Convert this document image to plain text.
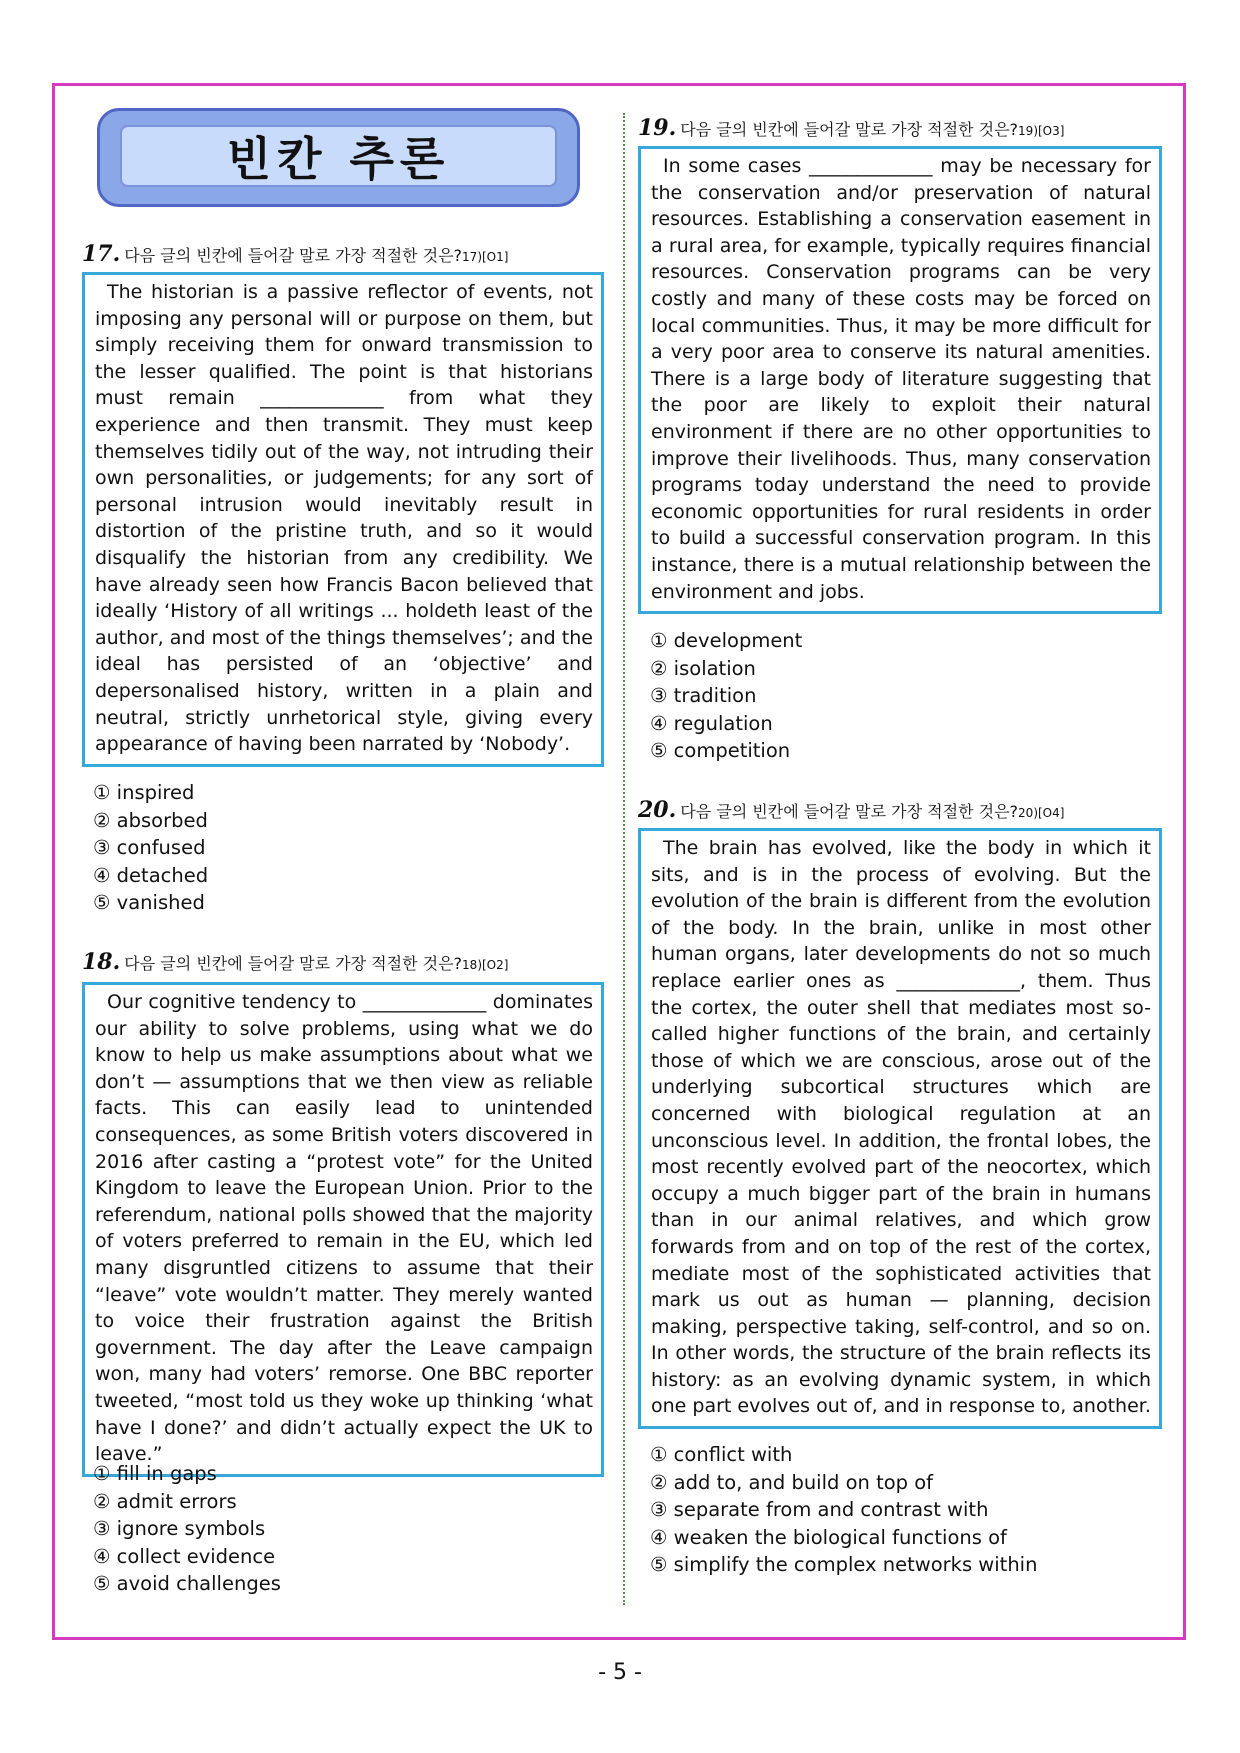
빈칸 추론
17. 다음 글의 빈칸에 들어갈 말로 가장 적절한 것은?17)[O1]
The historian is a passive reflector of events, not imposing any personal will or purpose on them, but simply receiving them for onward transmission to the lesser qualified. The point is that historians must remain _____________ from what they experience and then transmit. They must keep themselves tidily out of the way, not intruding their own personalities, or judgements; for any sort of personal intrusion would inevitably result in distortion of the pristine truth, and so it would disqualify the historian from any credibility. We have already seen how Francis Bacon believed that ideally ‘History of all writings ... holdeth least of the author, and most of the things themselves’; and the ideal has persisted of an ‘objective’ and depersonalised history, written in a plain and neutral, strictly unrhetorical style, giving every appearance of having been narrated by ‘Nobody’.
① inspired
② absorbed
③ confused
④ detached
⑤ vanished
18. 다음 글의 빈칸에 들어갈 말로 가장 적절한 것은?18)[O2]
Our cognitive tendency to _____________ dominates our ability to solve problems, using what we do know to help us make assumptions about what we don’t — assumptions that we then view as reliable facts. This can easily lead to unintended consequences, as some British voters discovered in 2016 after casting a “protest vote” for the United Kingdom to leave the European Union. Prior to the referendum, national polls showed that the majority of voters preferred to remain in the EU, which led many disgruntled citizens to assume that their “leave” vote wouldn’t matter. They merely wanted to voice their frustration against the British government. The day after the Leave campaign won, many had voters’ remorse. One BBC reporter tweeted, “most told us they woke up thinking ‘what have I done?’ and didn’t actually expect the UK to leave.”
① fill in gaps
② admit errors
③ ignore symbols
④ collect evidence
⑤ avoid challenges
19. 다음 글의 빈칸에 들어갈 말로 가장 적절한 것은?19)[O3]
In some cases _____________ may be necessary for the conservation and/or preservation of natural resources. Establishing a conservation easement in a rural area, for example, typically requires financial resources. Conservation programs can be very costly and many of these costs may be forced on local communities. Thus, it may be more difficult for a very poor area to conserve its natural amenities. There is a large body of literature suggesting that the poor are likely to exploit their natural environment if there are no other opportunities to improve their livelihoods. Thus, many conservation programs today understand the need to provide economic opportunities for rural residents in order to build a successful conservation program. In this instance, there is a mutual relationship between the environment and jobs.
① development
② isolation
③ tradition
④ regulation
⑤ competition
20. 다음 글의 빈칸에 들어갈 말로 가장 적절한 것은?20)[O4]
The brain has evolved, like the body in which it sits, and is in the process of evolving. But the evolution of the brain is different from the evolution of the body. In the brain, unlike in most other human organs, later developments do not so much replace earlier ones as _____________, them. Thus the cortex, the outer shell that mediates most so-called higher functions of the brain, and certainly those of which we are conscious, arose out of the underlying subcortical structures which are concerned with biological regulation at an unconscious level. In addition, the frontal lobes, the most recently evolved part of the neocortex, which occupy a much bigger part of the brain in humans than in our animal relatives, and which grow forwards from and on top of the rest of the cortex, mediate most of the sophisticated activities that mark us out as human — planning, decision making, perspective taking, self-control, and so on. In other words, the structure of the brain reflects its history: as an evolving dynamic system, in which one part evolves out of, and in response to, another.
① conflict with
② add to, and build on top of
③ separate from and contrast with
④ weaken the biological functions of
⑤ simplify the complex networks within
- 5 -
